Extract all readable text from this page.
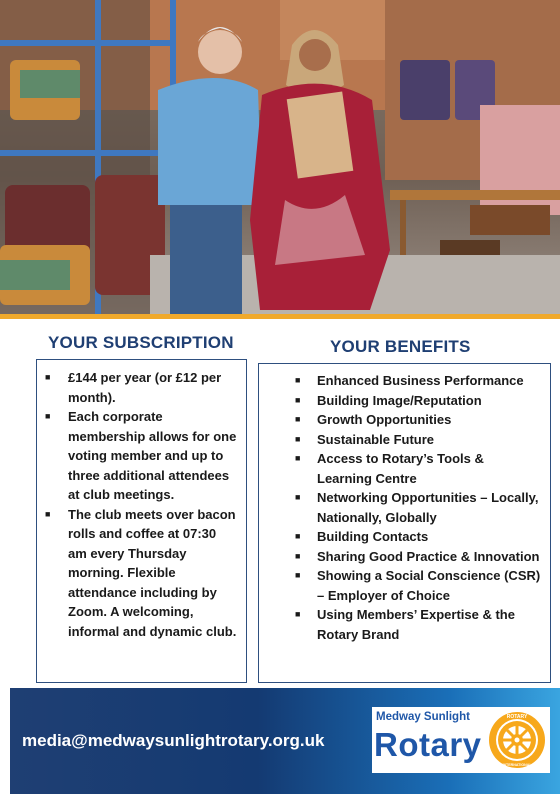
YOUR SUBSCRIPTION
■ £144 per year (or £12 per month).
■ Each corporate membership allows for one voting member and up to three additional attendees at club meetings.
■ The club meets over bacon rolls and coffee at 07:30 am every Thursday morning. Flexible attendance including by Zoom. A welcoming, informal and dynamic club.
YOUR BENEFITS
■ Enhanced Business Performance
■ Building Image/Reputation
■ Growth Opportunities
■ Sustainable Future
■ Access to Rotary’s Tools & Learning Centre
■ Networking Opportunities – Locally, Nationally, Globally
■ Building Contacts
■ Sharing Good Practice & Innovation
■ Showing a Social Conscience (CSR) – Employer of Choice
■ Using Members’ Expertise & the Rotary Brand
media@medwaysunlightrotary.org.uk
Medway Sunlight
Rotary
ROTARY
INTERNATIONAL
